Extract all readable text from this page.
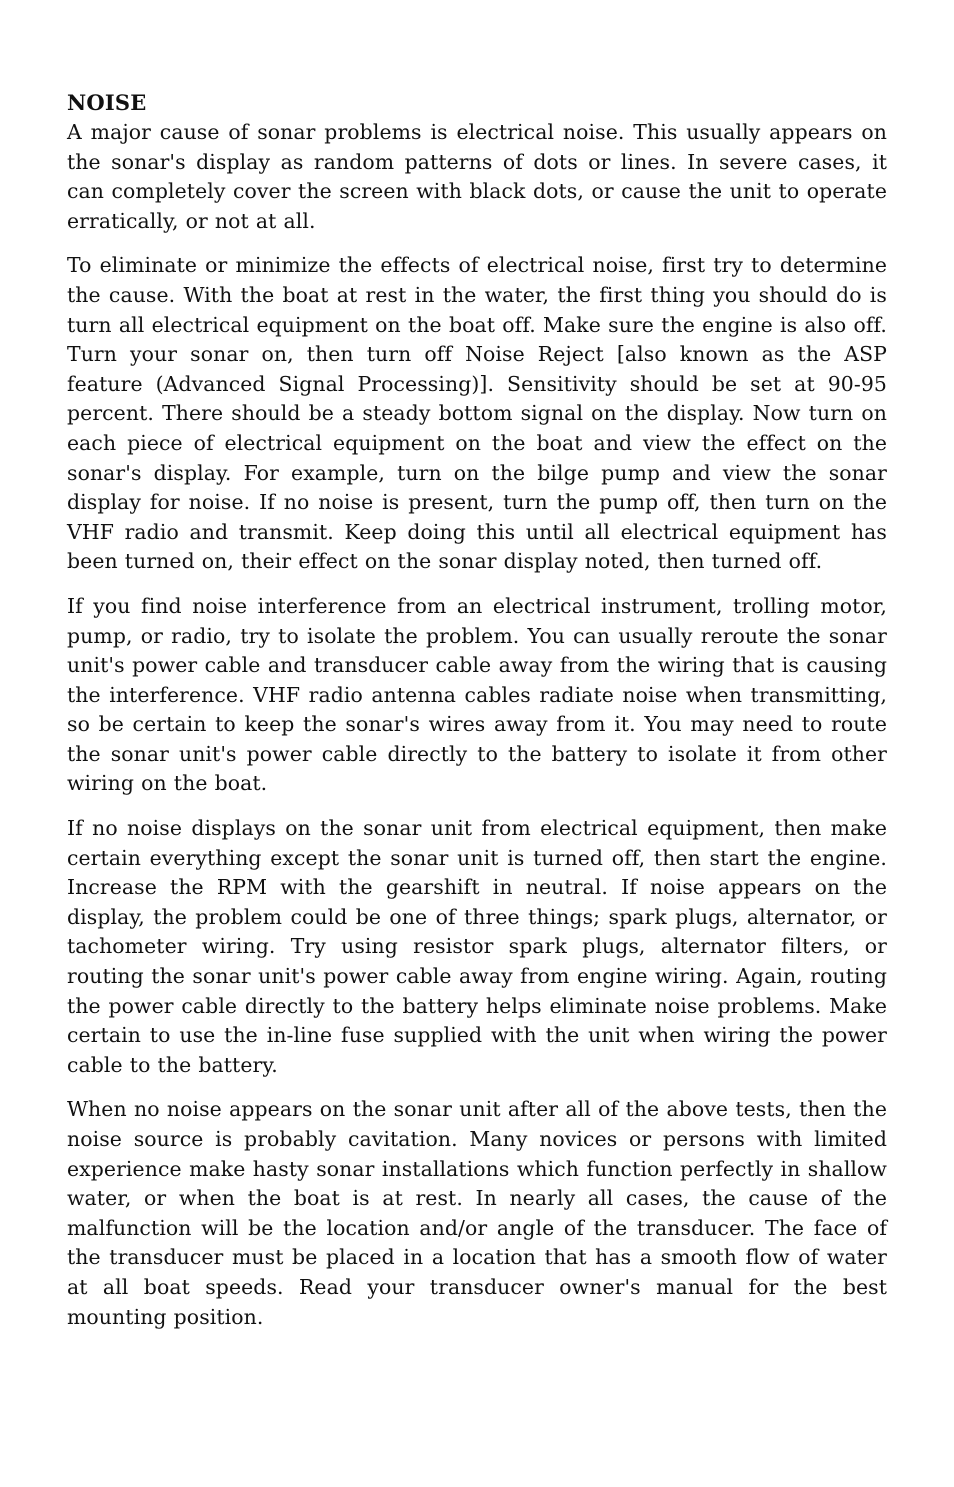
NOISE

A major cause of sonar problems is electrical noise. This usually appears on the sonar's display as random patterns of dots or lines. In severe cases, it can completely cover the screen with black dots, or cause the unit to operate erratically, or not at all.

To eliminate or minimize the effects of electrical noise, first try to determine the cause. With the boat at rest in the water, the first thing you should do is turn all electrical equipment on the boat off. Make sure the engine is also off. Turn your sonar on, then turn off Noise Reject [also known as the ASP feature (Advanced Signal Processing)]. Sensitivity should be set at 90-95 percent. There should be a steady bottom signal on the display. Now turn on each piece of electrical equipment on the boat and view the effect on the sonar's display. For example, turn on the bilge pump and view the sonar display for noise. If no noise is present, turn the pump off, then turn on the VHF radio and transmit. Keep doing this until all electrical equipment has been turned on, their effect on the sonar display noted, then turned off.

If you find noise interference from an electrical instrument, trolling motor, pump, or radio, try to isolate the problem. You can usually reroute the sonar unit's power cable and transducer cable away from the wiring that is causing the interference. VHF radio antenna cables radiate noise when transmitting, so be certain to keep the sonar's wires away from it. You may need to route the sonar unit's power cable directly to the battery to isolate it from other wiring on the boat.

If no noise displays on the sonar unit from electrical equipment, then make certain everything except the sonar unit is turned off, then start the engine. Increase the RPM with the gearshift in neutral. If noise appears on the display, the problem could be one of three things; spark plugs, alternator, or tachometer wiring. Try using resistor spark plugs, alternator filters, or routing the sonar unit's power cable away from engine wiring. Again, routing the power cable directly to the battery helps eliminate noise problems. Make certain to use the in-line fuse supplied with the unit when wiring the power cable to the battery.

When no noise appears on the sonar unit after all of the above tests, then the noise source is probably cavitation. Many novices or persons with limited experience make hasty sonar installations which function perfectly in shallow water, or when the boat is at rest. In nearly all cases, the cause of the malfunction will be the location and/or angle of the transducer. The face of the transducer must be placed in a location that has a smooth flow of water at all boat speeds. Read your transducer owner's manual for the best mounting position.
